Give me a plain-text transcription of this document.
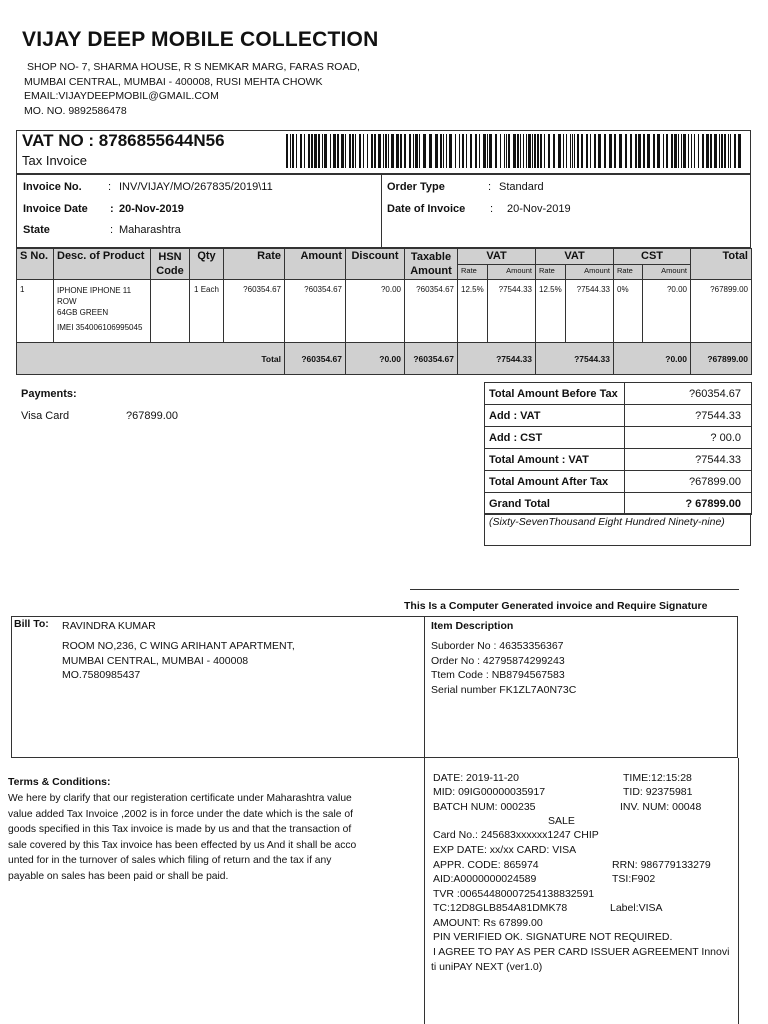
VIJAY DEEP MOBILE COLLECTION
SHOP NO- 7, SHARMA HOUSE, R S NEMKAR MARG, FARAS ROAD,
MUMBAI CENTRAL, MUMBAI - 400008, RUSI MEHTA CHOWK
EMAIL:VIJAYDEEPMOBIL@GMAIL.COM
MO. NO. 9892586478
VAT NO : 8786855644N56
Tax Invoice
Invoice No. : INV/VIJAY/MO/267835/2019\11
Invoice Date : 20-Nov-2019
State	: Maharashtra
Order Type	: Standard
Date of Invoice : 20-Nov-2019
S No.	Desc. of Product	HSN Code	Qty	Rate	Amount	Discount	Taxable Amount	VAT		VAT		CST		Total
								Rate	Amount	Rate	Amount	Rate	Amount	
1	IPHONE IPHONE 11 ROW
64GB GREEN
IMEI 354006106995045		1 Each	?60354.67	?60354.67	?0.00	?60354.67	12.5%	?7544.33	12.5%	?7544.33	0%	?0.00	?67899.00
Total					?60354.67	?0.00	?60354.67	?7544.33		?7544.33		?0.00		?67899.00
Payments:
Visa Card	?67899.00
Total Amount Before Tax	?60354.67
Add : VAT	?7544.33
Add : CST	? 00.0
Total Amount : VAT	?7544.33
Total Amount After Tax	?67899.00
Grand Total	? 67899.00
(Sixty-SevenThousand Eight Hundred Ninety-nine)
This Is a Computer Generated invoice and Require Signature
Bill To: RAVINDRA KUMAR
ROOM NO,236, C WING ARIHANT APARTMENT,
MUMBAI CENTRAL, MUMBAI - 400008
MO.7580985437
Item Description
Suborder No : 46353356367
Order No : 42795874299243
Ttem Code : NB8794567583
Serial number FK1ZL7A0N73C
Terms & Conditions:
We here by clarify that our registeration certificate under Maharashtra value
value added Tax Invoice ,2002 is in force under the date which is the sale of
goods specified in this Tax invoice is made by us and that the transaction of
sale covered by this Tax invoice has been effected by us And it shall be acco
unted for in the turnover of sales which filing of return and the tax if any
payable on sales has been paid or shall be paid.
DATE: 2019-11-20	TIME:12:15:28
MID: 09IG00000035917	TID: 92375981
BATCH NUM: 000235	INV. NUM: 00048
SALE
Card No.: 245683xxxxxx1247 CHIP
EXP DATE: xx/xx CARD: VISA
APPR. CODE: 865974	RRN: 986779133279
AID:A0000000024589	TSI:F902
TVR :00654480007254138832591
TC:12D8GLB854A81DMK78	Label:VISA
AMOUNT: Rs 67899.00
PIN VERIFIED OK. SIGNATURE NOT REQUIRED.
I AGREE TO PAY AS PER CARD ISSUER AGREEMENT Innovi
ti uniPAY NEXT (ver1.0)
